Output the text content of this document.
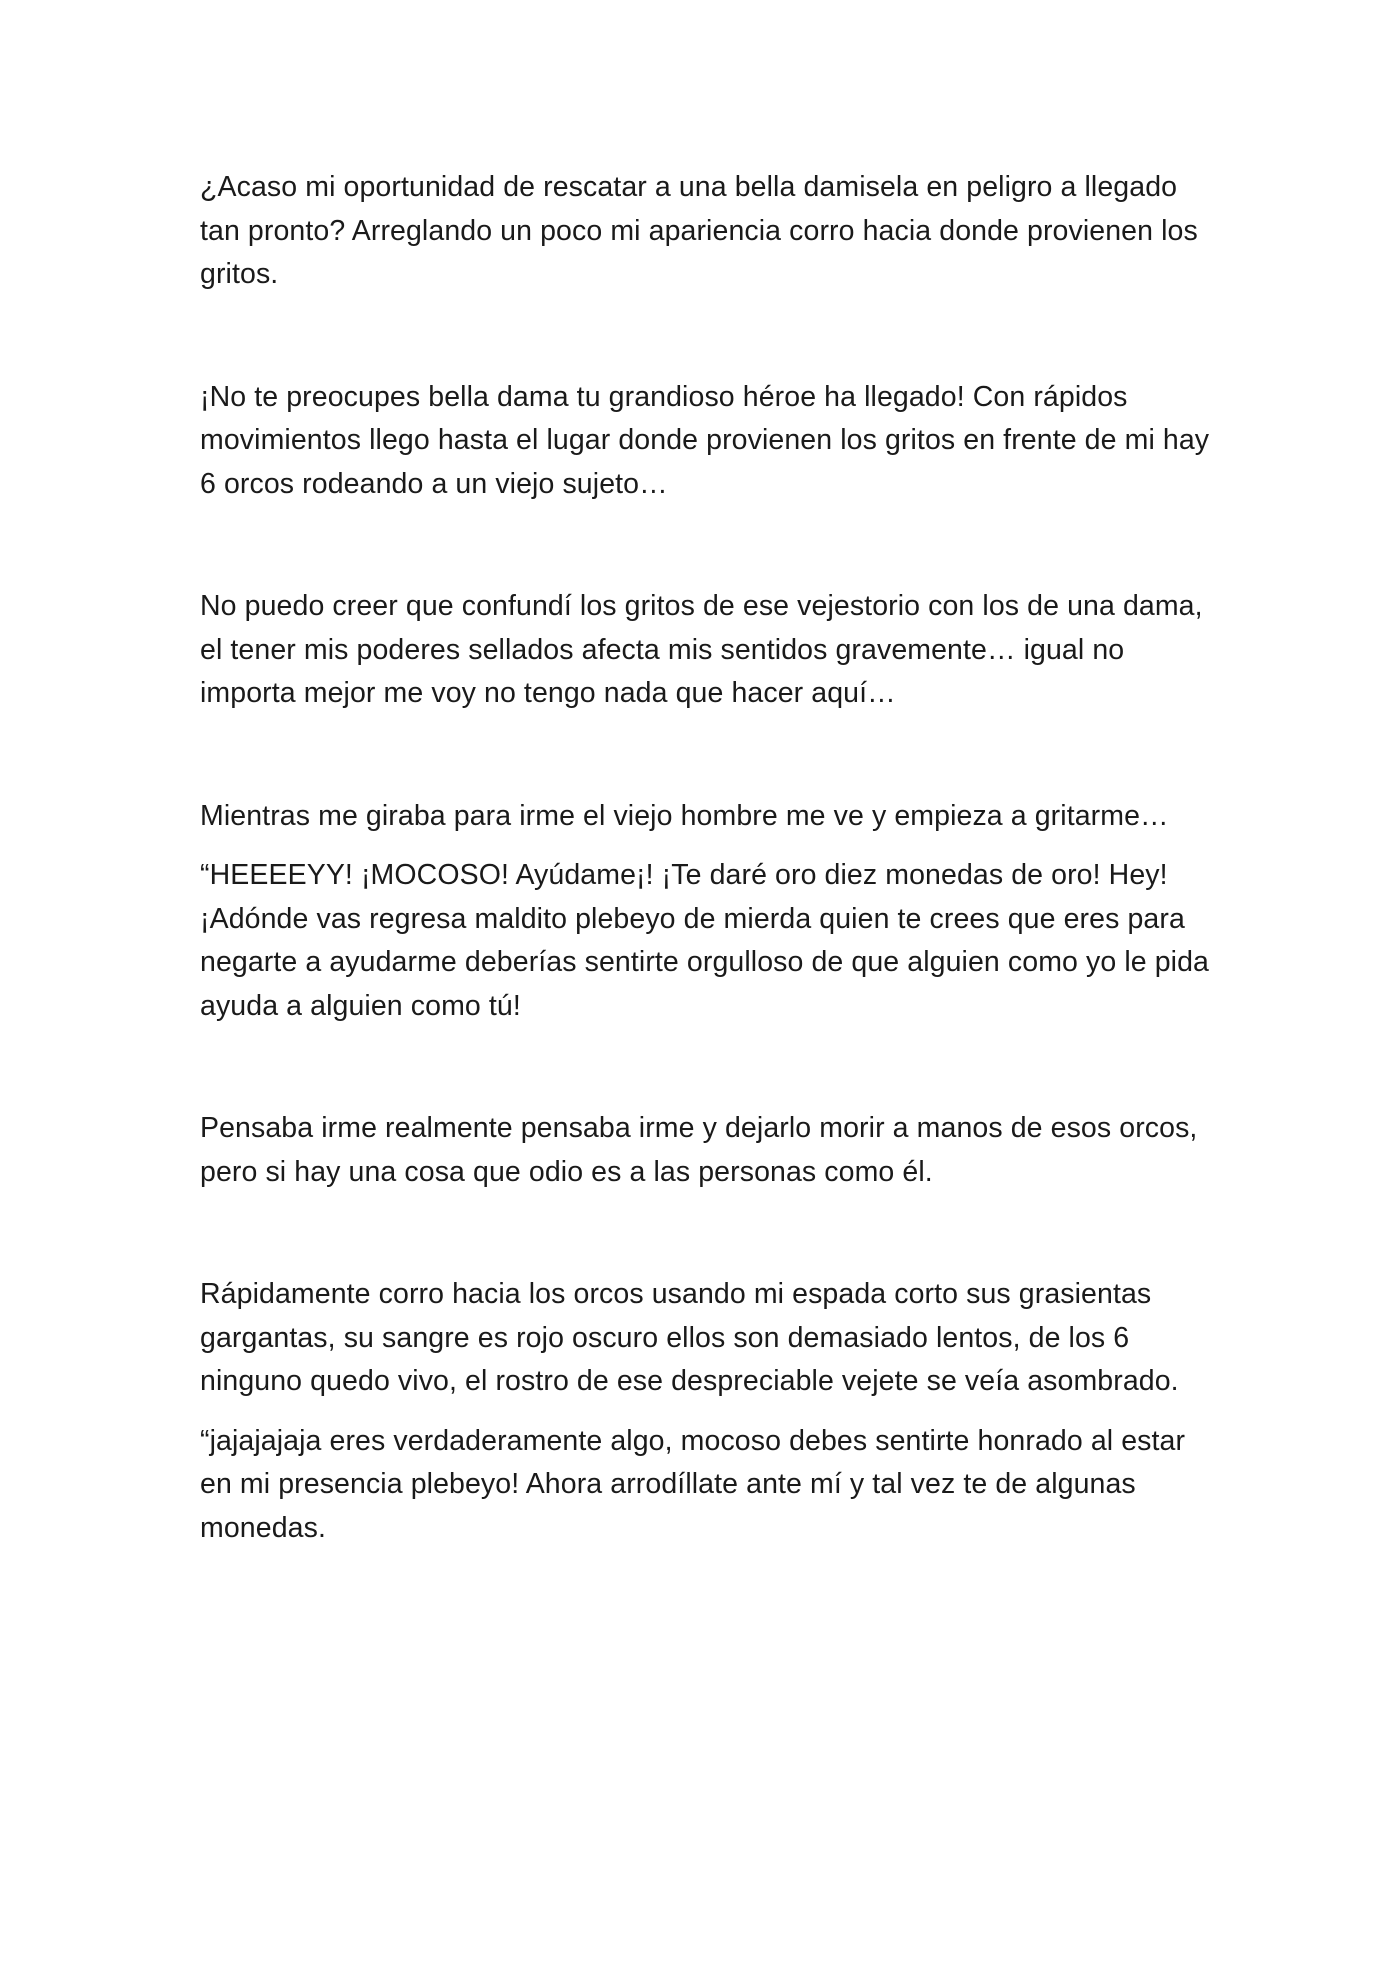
¿Acaso mi oportunidad de rescatar a una bella damisela en peligro a llegado tan pronto? Arreglando un poco mi apariencia corro hacia donde provienen los gritos.

¡No te preocupes bella dama tu grandioso héroe ha llegado! Con rápidos movimientos llego hasta el lugar donde provienen los gritos en frente de mi hay 6 orcos rodeando a un viejo sujeto…

No puedo creer que confundí los gritos de ese vejestorio con los de una dama, el tener mis poderes sellados afecta mis sentidos gravemente… igual no importa mejor me voy no tengo nada que hacer aquí…

Mientras me giraba para irme el viejo hombre me ve y empieza a gritarme…

“HEEEEYY! ¡MOCOSO! Ayúdame¡! ¡Te daré oro diez monedas de oro! Hey! ¡Adónde vas regresa maldito plebeyo de mierda quien te crees que eres para negarte a ayudarme deberías sentirte orgulloso de que alguien como yo le pida ayuda a alguien como tú!

Pensaba irme realmente pensaba irme y dejarlo morir a manos de esos orcos, pero si hay una cosa que odio es a las personas como él.

Rápidamente corro hacia los orcos usando mi espada corto sus grasientas gargantas, su sangre es rojo oscuro ellos son demasiado lentos, de los 6 ninguno quedo vivo, el rostro de ese despreciable vejete se veía asombrado.

“jajajajaja eres verdaderamente algo, mocoso debes sentirte honrado al estar en mi presencia plebeyo! Ahora arrodíllate ante mí y tal vez te de algunas monedas.
